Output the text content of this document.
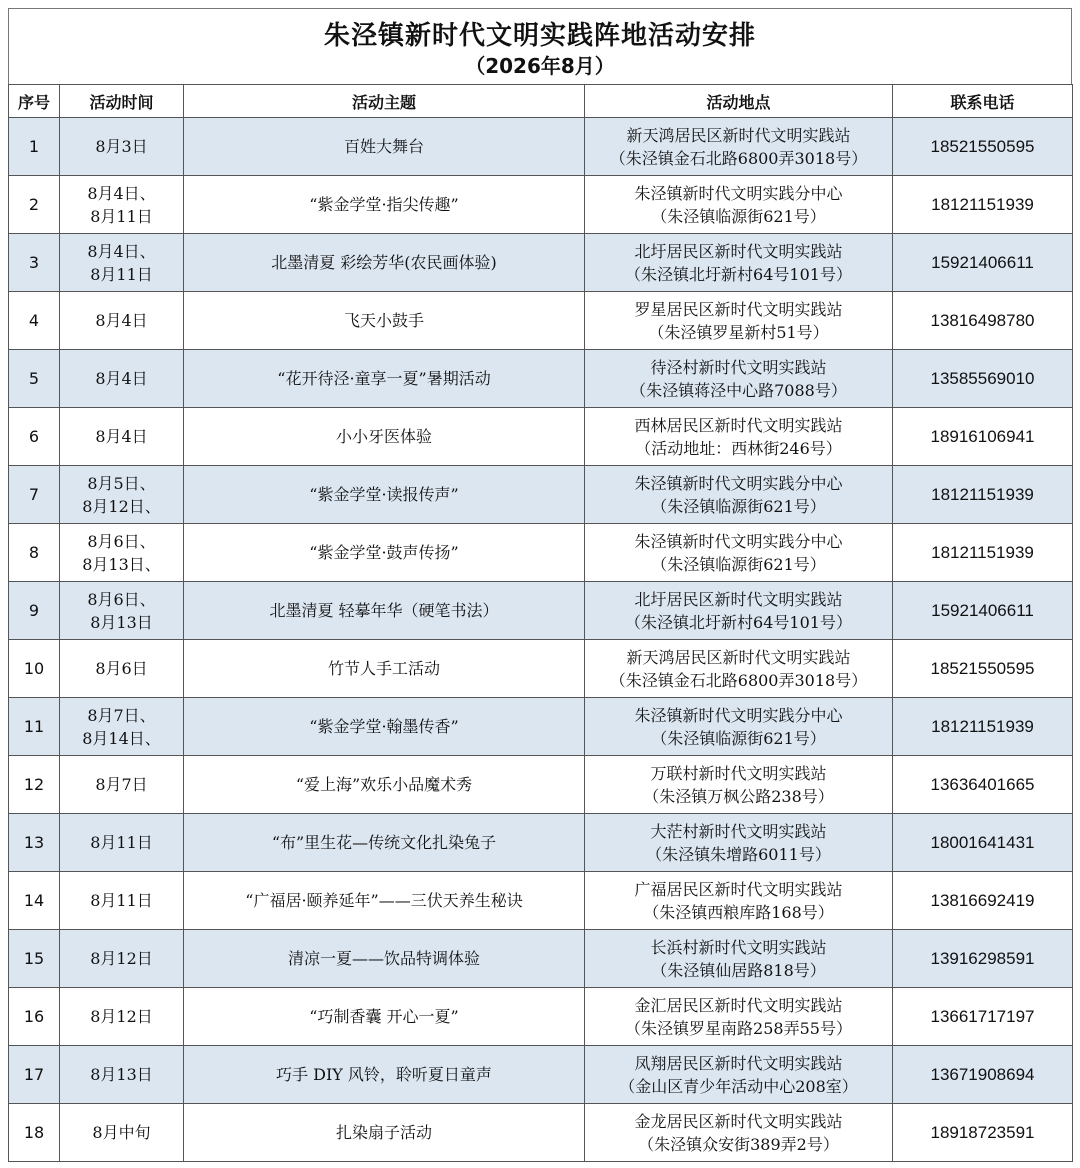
朱泾镇新时代文明实践阵地活动安排
（2026年8月）
序号	活动时间	活动主题	活动地点	联系电话
1	8月3日	百姓大舞台	新天鸿居民区新时代文明实践站
（朱泾镇金石北路6800弄3018号）	18521550595
2	8月4日、
8月11日	“紫金学堂·指尖传趣”	朱泾镇新时代文明实践分中心
（朱泾镇临源街621号）	18121151939
3	8月4日、
8月11日	北墨清夏 彩绘芳华(农民画体验)	北圩居民区新时代文明实践站
（朱泾镇北圩新村64号101号）	15921406611
4	8月4日	飞天小鼓手	罗星居民区新时代文明实践站
（朱泾镇罗星新村51号）	13816498780
5	8月4日	“花开待泾·童享一夏”暑期活动	待泾村新时代文明实践站
（朱泾镇蒋泾中心路7088号）	13585569010
6	8月4日	小小牙医体验	西林居民区新时代文明实践站
（活动地址：西林街246号）	18916106941
7	8月5日、
8月12日、	“紫金学堂·读报传声”	朱泾镇新时代文明实践分中心
（朱泾镇临源街621号）	18121151939
8	8月6日、
8月13日、	“紫金学堂·鼓声传扬”	朱泾镇新时代文明实践分中心
（朱泾镇临源街621号）	18121151939
9	8月6日、
8月13日	北墨清夏 轻摹年华（硬笔书法）	北圩居民区新时代文明实践站
（朱泾镇北圩新村64号101号）	15921406611
10	8月6日	竹节人手工活动	新天鸿居民区新时代文明实践站
（朱泾镇金石北路6800弄3018号）	18521550595
11	8月7日、
8月14日、	“紫金学堂·翰墨传香”	朱泾镇新时代文明实践分中心
（朱泾镇临源街621号）	18121151939
12	8月7日	“爱上海”欢乐小品魔术秀	万联村新时代文明实践站
（朱泾镇万枫公路238号）	13636401665
13	8月11日	“布”里生花—传统文化扎染兔子	大茫村新时代文明实践站
（朱泾镇朱增路6011号）	18001641431
14	8月11日	“广福居·颐养延年”——三伏天养生秘诀	广福居民区新时代文明实践站
（朱泾镇西粮库路168号）	13816692419
15	8月12日	清凉一夏——饮品特调体验	长浜村新时代文明实践站
（朱泾镇仙居路818号）	13916298591
16	8月12日	“巧制香囊 开心一夏”	金汇居民区新时代文明实践站
（朱泾镇罗星南路258弄55号）	13661717197
17	8月13日	巧手 DIY 风铃，聆听夏日童声	凤翔居民区新时代文明实践站
（金山区青少年活动中心208室）	13671908694
18	8月中旬	扎染扇子活动	金龙居民区新时代文明实践站
（朱泾镇众安街389弄2号）	18918723591
